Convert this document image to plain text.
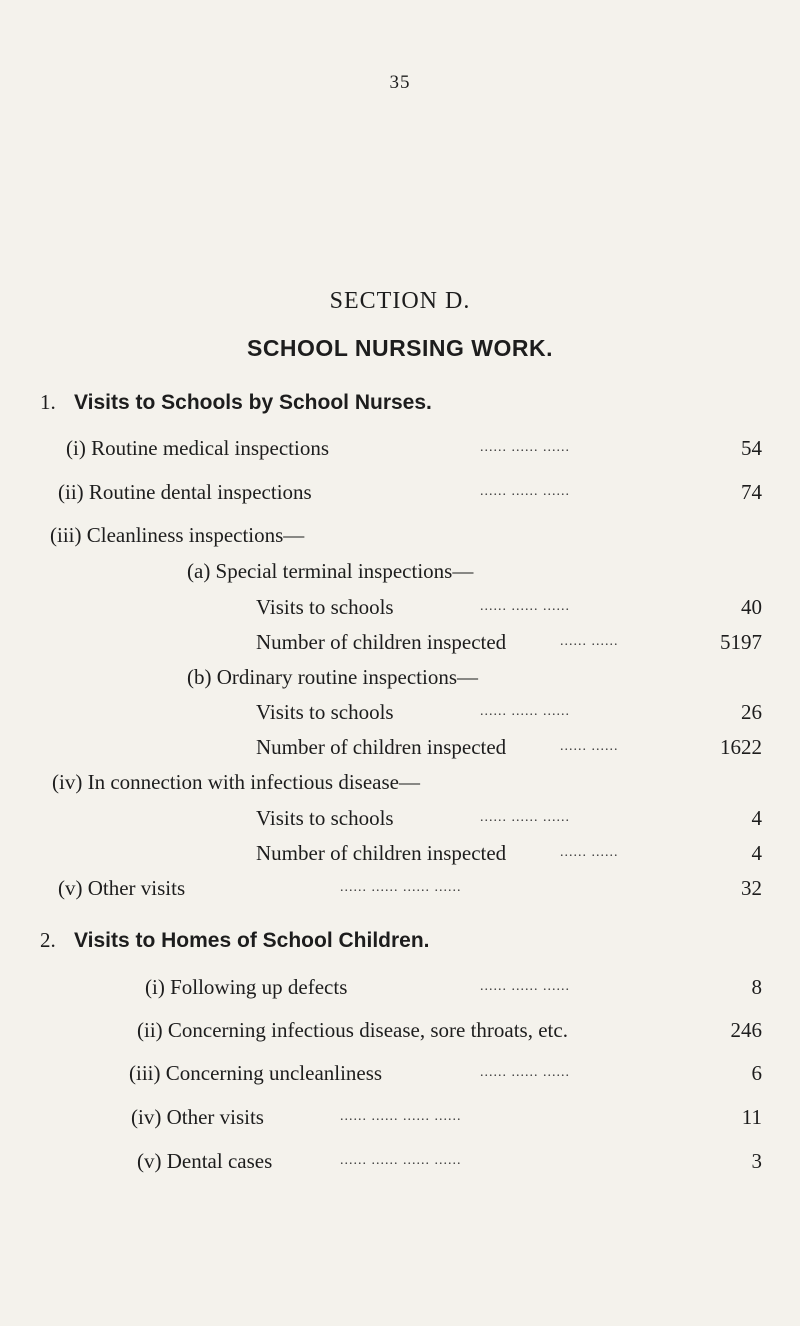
35
SECTION D.
SCHOOL NURSING WORK.
1. Visits to Schools by School Nurses.
(i) Routine medical inspections	...... ...... ......	54
(ii) Routine dental inspections	...... ...... ......	74
(iii) Cleanliness inspections—
(a) Special terminal inspections—
Visits to schools	...... ...... ......	40
Number of children inspected	...... ......	5197
(b) Ordinary routine inspections—
Visits to schools	...... ...... ......	26
Number of children inspected	...... ......	1622
(iv) In connection with infectious disease—
Visits to schools	...... ...... ......	4
Number of children inspected	...... ......	4
(v) Other visits	...... ...... ...... ......	32
2. Visits to Homes of School Children.
(i) Following up defects	...... ...... ......	8
(ii) Concerning infectious disease, sore throats, etc.	246
(iii) Concerning uncleanliness	...... ...... ......	6
(iv) Other visits	...... ...... ...... ......	11
(v) Dental cases	...... ...... ...... ......	3
